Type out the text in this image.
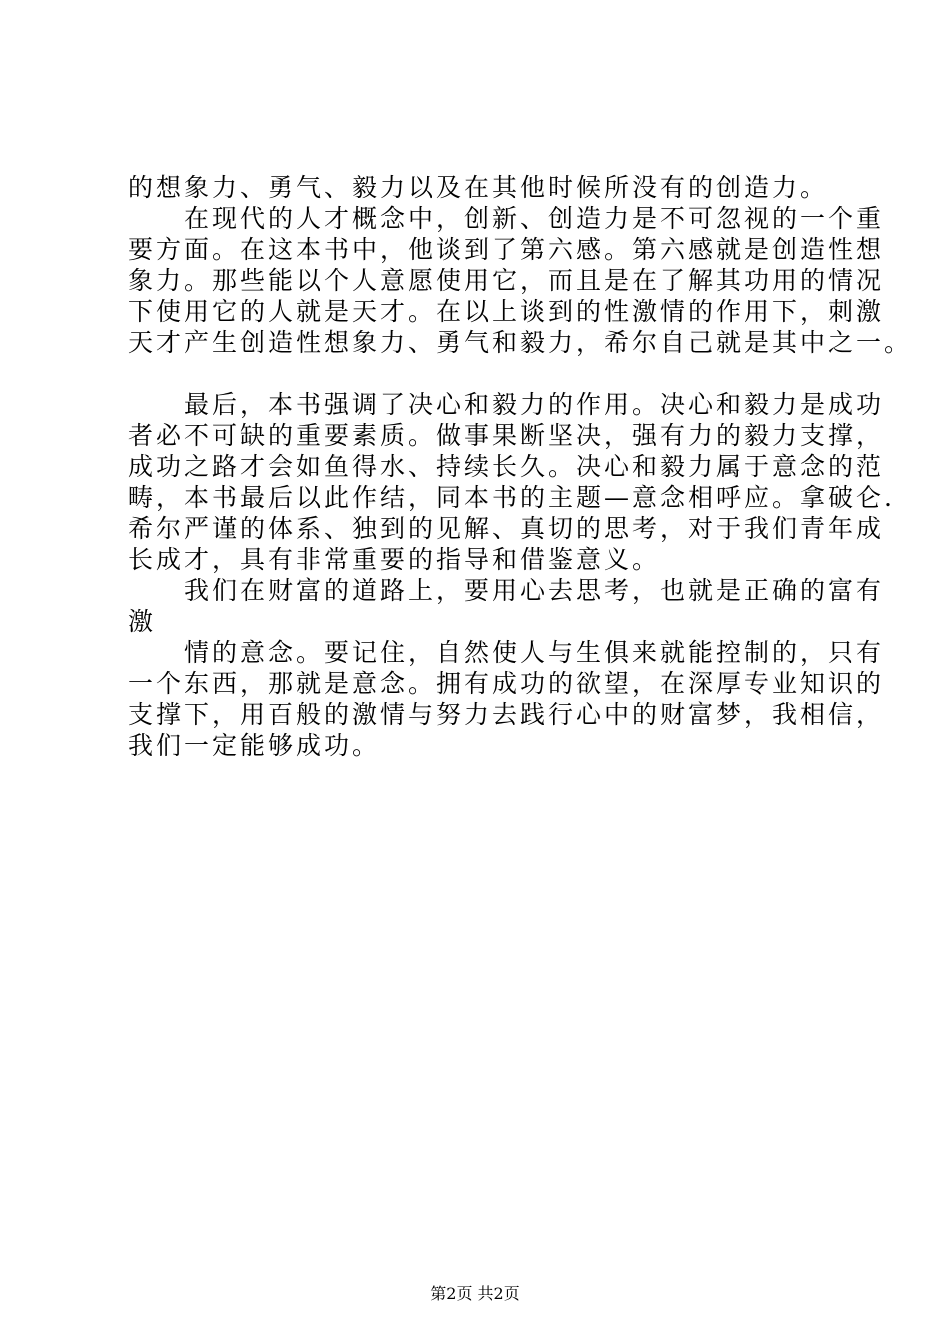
的想象力、勇气、毅力以及在其他时候所没有的创造力。
在现代的人才概念中，创新、创造力是不可忽视的一个重
要方面。在这本书中，他谈到了第六感。第六感就是创造性想
象力。那些能以个人意愿使用它，而且是在了解其功用的情况
下使用它的人就是天才。在以上谈到的性激情的作用下，刺激
天才产生创造性想象力、勇气和毅力，希尔自己就是其中之一。
最后，本书强调了决心和毅力的作用。决心和毅力是成功
者必不可缺的重要素质。做事果断坚决，强有力的毅力支撑，
成功之路才会如鱼得水、持续长久。决心和毅力属于意念的范
畴，本书最后以此作结，同本书的主题—意念相呼应。拿破仑.
希尔严谨的体系、独到的见解、真切的思考，对于我们青年成
长成才，具有非常重要的指导和借鉴意义。
我们在财富的道路上，要用心去思考，也就是正确的富有
激
情的意念。要记住，自然使人与生俱来就能控制的，只有
一个东西，那就是意念。拥有成功的欲望，在深厚专业知识的
支撑下，用百般的激情与努力去践行心中的财富梦，我相信，
我们一定能够成功。
第2页 共2页
